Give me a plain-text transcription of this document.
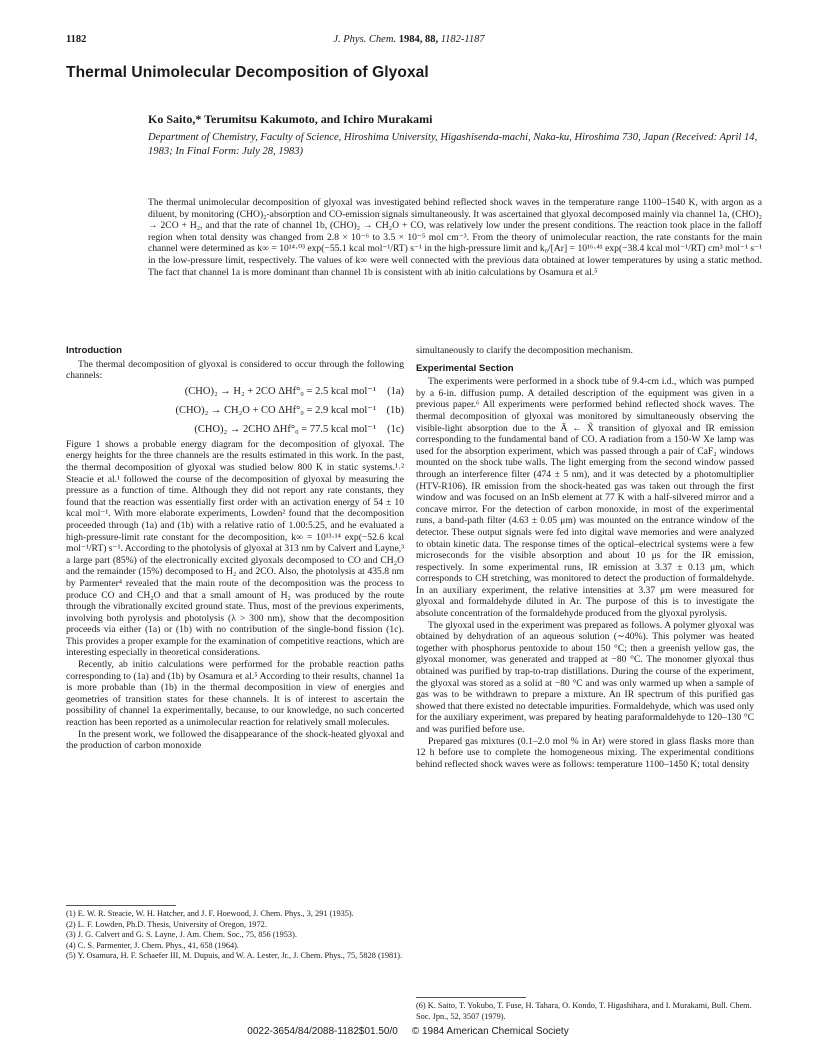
1182	J. Phys. Chem. 1984, 88, 1182-1187
Thermal Unimolecular Decomposition of Glyoxal
Ko Saito,* Terumitsu Kakumoto, and Ichiro Murakami
Department of Chemistry, Faculty of Science, Hiroshima University, Higashisenda-machi, Naka-ku, Hiroshima 730, Japan (Received: April 14, 1983; In Final Form: July 28, 1983)

The thermal unimolecular decomposition of glyoxal was investigated behind reflected shock waves in the temperature range 1100–1540 K, with argon as a diluent, by monitoring (CHO)₂-absorption and CO-emission signals simultaneously. It was ascertained that glyoxal decomposed mainly via channel 1a, (CHO)₂ → 2CO + H₂, and that the rate of channel 1b, (CHO)₂ → CH₂O + CO, was relatively low under the present conditions. The reaction took place in the falloff region when total density was changed from 2.8 × 10⁻⁶ to 3.5 × 10⁻⁵ mol cm⁻³. From the theory of unimolecular reaction, the rate constants for the main channel were determined as k∞ = 10¹⁴·⁰³ exp(−55.1 kcal mol⁻¹/RT) s⁻¹ in the high-pressure limit and k₀/[Ar] = 10¹⁶·⁴¹ exp(−38.4 kcal mol⁻¹/RT) cm³ mol⁻¹ s⁻¹ in the low-pressure limit, respectively. The values of k∞ were well connected with the previous data obtained at lower temperatures by using a static method. The fact that channel 1a is more dominant than channel 1b is consistent with ab initio calculations by Osamura et al.⁵

Introduction

The thermal decomposition of glyoxal is considered to occur through the following channels:

(CHO)₂ → H₂ + 2CO ΔHf°₀ = 2.5 kcal mol⁻¹ (1a)
(CHO)₂ → CH₂O + CO ΔHf°₀ = 2.9 kcal mol⁻¹ (1b)
(CHO)₂ → 2CHO ΔHf°₀ = 77.5 kcal mol⁻¹ (1c)

Figure 1 shows a probable energy diagram for the decomposition of glyoxal. The energy heights for the three channels are the results estimated in this work. In the past, the thermal decomposition of glyoxal was studied below 800 K in static systems.¹˒² Steacie et al.¹ followed the course of the decomposition of glyoxal by measuring the pressure as a function of time. Although they did not report any rate constants, they found that the reaction was essentially first order with an activation energy of 54 ± 10 kcal mol⁻¹. With more elaborate experiments, Lowden² found that the decomposition proceeded through (1a) and (1b) with a relative ratio of 1.00:5.25, and he evaluated a high-pressure-limit rate constant for the decomposition, k∞ = 10¹³·¹⁴ exp(−52.6 kcal mol⁻¹/RT) s⁻¹. According to the photolysis of glyoxal at 313 nm by Calvert and Layne,³ a large part (85%) of the electronically excited glyoxals decomposed to CO and CH₂O and the remainder (15%) decomposed to H₂ and 2CO. Also, the photolysis at 435.8 nm by Parmenter⁴ revealed that the main route of the decomposition was the process to produce CO and CH₂O and that a small amount of H₂ was produced by the route through the vibrationally excited ground state. Thus, most of the previous experiments, involving both pyrolysis and photolysis (λ > 300 nm), show that the decomposition proceeds via either (1a) or (1b) with no contribution of the single-bond fission (1c). This provides a proper example for the examination of competitive reactions, which are interesting especially in theoretical considerations.

Recently, ab initio calculations were performed for the probable reaction paths corresponding to (1a) and (1b) by Osamura et al.⁵ According to their results, channel 1a is more probable than (1b) in the thermal decomposition in view of energies and geometries of transition states for these channels. It is of interest to ascertain the possibility of channel 1a experimentally, because, to our knowledge, no such concerted reaction has been reported as a unimolecular reaction for relatively small molecules.

In the present work, we followed the disappearance of the shock-heated glyoxal and the production of carbon monoxide

simultaneously to clarify the decomposition mechanism.

Experimental Section

The experiments were performed in a shock tube of 9.4-cm i.d., which was pumped by a 6-in. diffusion pump. A detailed description of the equipment was given in a previous paper.⁶ All experiments were performed behind reflected shock waves. The thermal decomposition of glyoxal was monitored by simultaneously observing the visible-light absorption due to the Ã ← X̃ transition of glyoxal and IR emission corresponding to the fundamental band of CO. A radiation from a 150-W Xe lamp was used for the absorption experiment, which was passed through a pair of CaF₂ windows mounted on the shock tube walls. The light emerging from the second window passed through an interference filter (474 ± 5 nm), and it was detected by a photomultiplier (HTV-R106). IR emission from the shock-heated gas was taken out through the first window and was focused on an InSb element at 77 K with a half-silvered mirror and a concave mirror. For the detection of carbon monoxide, in most of the experimental runs, a band-path filter (4.63 ± 0.05 μm) was mounted on the entrance window of the detector. These output signals were fed into digital wave memories and were analyzed to obtain kinetic data. The response times of the optical–electrical systems were a few microseconds for the visible absorption and about 10 μs for the IR emission, respectively. In some experimental runs, IR emission at 3.37 ± 0.13 μm, which corresponds to CH stretching, was monitored to detect the production of formaldehyde. In an auxiliary experiment, the relative intensities at 3.37 μm were measured for glyoxal and formaldehyde diluted in Ar. The purpose of this is to investigate the absolute concentration of the formaldehyde produced from the glyoxal pyrolysis.

The glyoxal used in the experiment was prepared as follows. A polymer glyoxal was obtained by dehydration of an aqueous solution (∼40%). This polymer was heated together with phosphorus pentoxide to about 150 °C; then a greenish yellow gas, the glyoxal monomer, was generated and trapped at −80 °C. The monomer glyoxal thus obtained was purified by trap-to-trap distillations. During the course of the experiment, the glyoxal was stored as a solid at −80 °C and was only warmed up when a sample of gas was to be withdrawn to prepare a mixture. An IR spectrum of this purified gas showed that there existed no detectable impurities. Formaldehyde, which was used only for the auxiliary experiment, was prepared by heating paraformaldehyde to 120–130 °C and was purified before use.

Prepared gas mixtures (0.1–2.0 mol % in Ar) were stored in glass flasks more than 12 h before use to complete the homogeneous mixing. The experimental conditions behind reflected shock waves were as follows: temperature 1100–1450 K; total density

(1) E. W. R. Steacie, W. H. Hatcher, and J. F. Hoewood, J. Chem. Phys., 3, 291 (1935).

(2) L. F. Lowden, Ph.D. Thesis, University of Oregon, 1972.

(3) J. G. Calvert and G. S. Layne, J. Am. Chem. Soc., 75, 856 (1953).

(4) C. S. Parmenter, J. Chem. Phys., 41, 658 (1964).

(5) Y. Osamura, H. F. Schaefer III, M. Dupuis, and W. A. Lester, Jr., J. Chem. Phys., 75, 5828 (1981).

(6) K. Saito, T. Yokubo, T. Fuse, H. Tahara, O. Kondo, T. Higashihara, and I. Murakami, Bull. Chem. Soc. Jpn., 52, 3507 (1979).

0022-3654/84/2088-1182$01.50/0 © 1984 American Chemical Society
